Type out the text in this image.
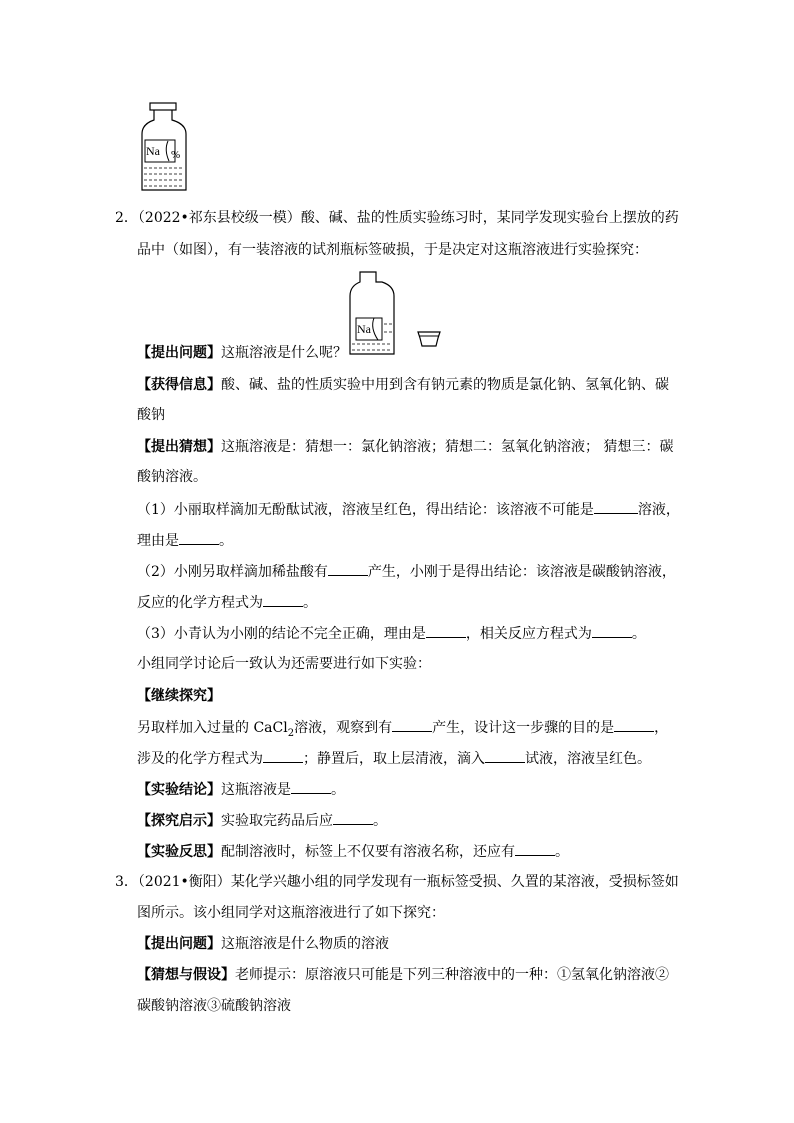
Na %
2．（2022•祁东县校级一模）酸、碱、盐的性质实验练习时，某同学发现实验台上摆放的药
品中（如图），有一装溶液的试剂瓶标签破损，于是决定对这瓶溶液进行实验探究：
Na
【提出问题】这瓶溶液是什么呢？
【获得信息】酸、碱、盐的性质实验中用到含有钠元素的物质是氯化钠、氢氧化钠、碳
酸钠
【提出猜想】这瓶溶液是：猜想一：氯化钠溶液；猜想二：氢氧化钠溶液； 猜想三：碳
酸钠溶液。
（1）小丽取样滴加无酚酞试液，溶液呈红色，得出结论：该溶液不可能是	溶液，
理由是	。
（2）小刚另取样滴加稀盐酸有	产生，小刚于是得出结论：该溶液是碳酸钠溶液，
反应的化学方程式为	。
（3）小青认为小刚的结论不完全正确，理由是	，相关反应方程式为	。
小组同学讨论后一致认为还需要进行如下实验：
【继续探究】
另取样加入过量的 CaCl$_2$溶液，观察到有	产生，设计这一步骤的目的是	，
涉及的化学方程式为	；静置后，取上层清液，滴入	试液，溶液呈红色。
【实验结论】这瓶溶液是	。
【探究启示】实验取完药品后应	。
【实验反思】配制溶液时，标签上不仅要有溶液名称，还应有	。
3．（2021•衡阳）某化学兴趣小组的同学发现有一瓶标签受损、久置的某溶液，受损标签如
图所示。该小组同学对这瓶溶液进行了如下探究：
【提出问题】这瓶溶液是什么物质的溶液
【猜想与假设】老师提示：原溶液只可能是下列三种溶液中的一种：①氢氧化钠溶液②
碳酸钠溶液③硫酸钠溶液
